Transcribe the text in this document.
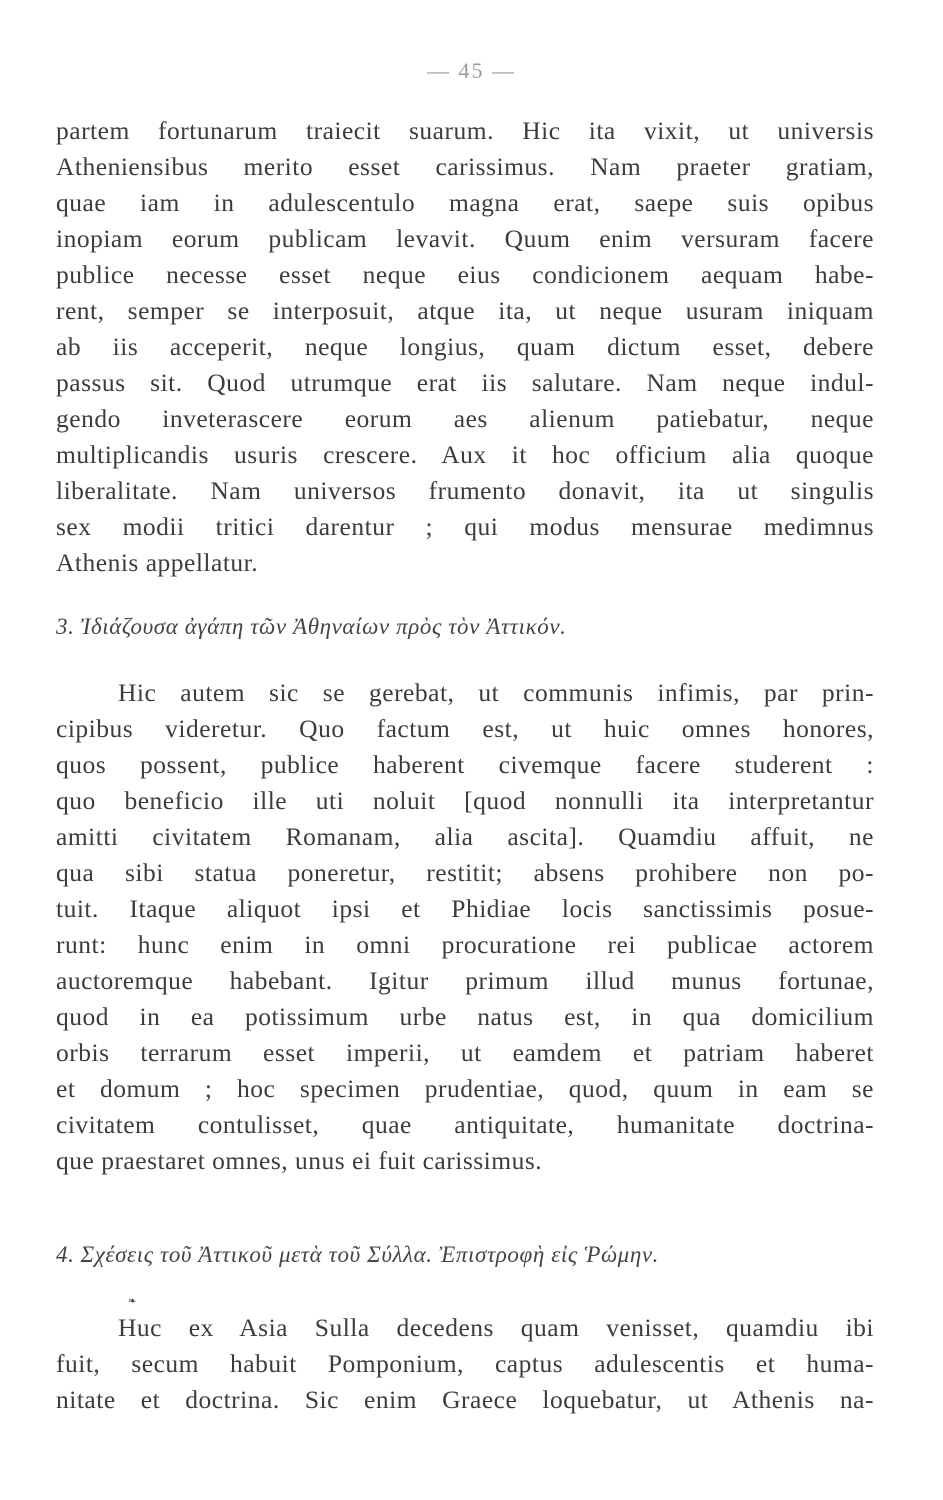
— 45 —
partem fortunarum traiecit suarum. Hic ita vixit, ut universis
Atheniensibus merito esset carissimus. Nam praeter gratiam,
quae iam in adulescentulo magna erat, saepe suis opibus
inopiam eorum publicam levavit. Quum enim versuram facere
publice necesse esset neque eius condicionem aequam habe-
rent, semper se interposuit, atque ita, ut neque usuram iniquam
ab iis acceperit, neque longius, quam dictum esset, debere
passus sit. Quod utrumque erat iis salutare. Nam neque indul-
gendo inveterascere eorum aes alienum patiebatur, neque
multiplicandis usuris crescere. Aux it hoc officium alia quoque
liberalitate. Nam universos frumento donavit, ita ut singulis
sex modii tritici darentur ; qui modus mensurae medimnus
Athenis appellatur.
3. Ἰδιάζουσα ἀγάπη τῶν Ἀθηναίων πρὸς τὸν Ἀττικόν.
Hic autem sic se gerebat, ut communis infimis, par prin-
cipibus videretur. Quo factum est, ut huic omnes honores,
quos possent, publice haberent civemque facere studerent :
quo beneficio ille uti noluit [quod nonnulli ita interpretantur
amitti civitatem Romanam, alia ascita]. Quamdiu affuit, ne
qua sibi statua poneretur, restitit; absens prohibere non po-
tuit. Itaque aliquot ipsi et Phidiae locis sanctissimis posue-
runt: hunc enim in omni procuratione rei publicae actorem
auctoremque habebant. Igitur primum illud munus fortunae,
quod in ea potissimum urbe natus est, in qua domicilium
orbis terrarum esset imperii, ut eamdem et patriam haberet
et domum ; hoc specimen prudentiae, quod, quum in eam se
civitatem contulisset, quae antiquitate, humanitate doctrina-
que praestaret omnes, unus ei fuit carissimus.
4. Σχέσεις τοῦ Ἀττικοῦ μετὰ τοῦ Σύλλα. Ἐπιστροφὴ εἰς Ῥώμην.
❧
Huc ex Asia Sulla decedens quam venisset, quamdiu ibi
fuit, secum habuit Pomponium, captus adulescentis et huma-
nitate et doctrina. Sic enim Graece loquebatur, ut Athenis na-
